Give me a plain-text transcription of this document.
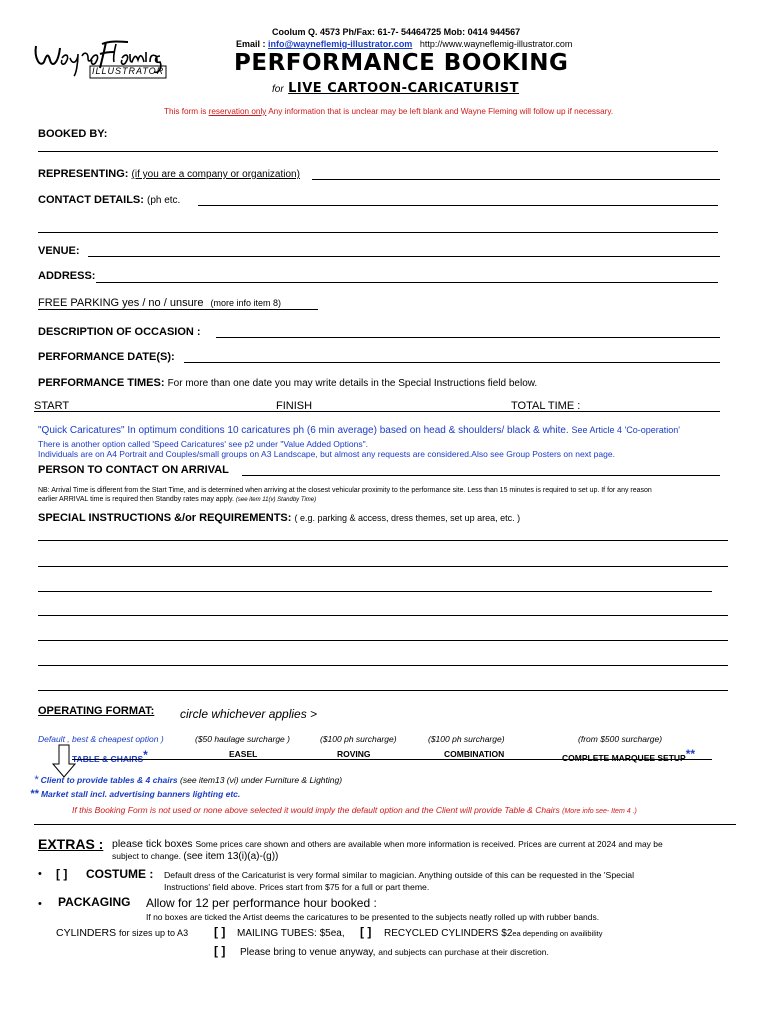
Coolum Q. 4573 Ph/Fax: 61-7- 54464725 Mob: 0414 944567
Email : info@wayneflemig-illustrator.com http://www.wayneflemig-illustrator.com
ILLUSTRATOR	PERFORMANCE BOOKING
for LIVE CARTOON-CARICATURIST
This form is reservation only Any information that is unclear may be left blank and Wayne Fleming will follow up if necessary.
BOOKED BY:
REPRESENTING: (if you are a company or organization)
CONTACT DETAILS: (ph etc.
VENUE:
ADDRESS:
FREE PARKING yes / no / unsure (more info item 8)
DESCRIPTION OF OCCASION :
PERFORMANCE DATE(S):
PERFORMANCE TIMES: For more than one date you may write details in the Special Instructions field below.
START	FINISH	TOTAL TIME :
"Quick Caricatures" In optimum conditions 10 caricatures ph (6 min average) based on head & shoulders/ black & white. See Article 4 'Co-operation'
There is another option called 'Speed Caricatures' see p2 under "Value Added Options".
Individuals are on A4 Portrait and Couples/small groups on A3 Landscape, but almost any requests are considered.Also see Group Posters on next page.
PERSON TO CONTACT ON ARRIVAL
NB: Arrival Time is different from the Start Time, and is determined when arriving at the closest vehicular proximity to the performance site. Less than 15 minutes is required to set up. If for any reason
earlier ARRIVAL time is required then Standby rates may apply. (see item 11(v) Standby Time)
SPECIAL INSTRUCTIONS &/or REQUIREMENTS: ( e.g. parking & access, dress themes, set up area, etc. )
OPERATING FORMAT: circle whichever applies >
Default , best & cheapest option )	($50 haulage surcharge )	($100 ph surcharge)	($100 ph surcharge)	(from $500 surcharge)
TABLE & CHAIRS*	EASEL	ROVING	COMBINATION	COMPLETE MARQUEE SETUP**
* Client to provide tables & 4 chairs (see item13 (vi) under Furniture & Lighting)
** Market stall incl. advertising banners lighting etc.
If this Booking Form is not used or none above selected it would imply the default option and the Client will provide Table & Chairs (More info see- Item 4 .)
EXTRAS : please tick boxes Some prices care shown and others are available when more information is received. Prices are current at 2024 and may be
subject to change. (see item 13(i)(a)-(g))
• [ ] COSTUME : Default dress of the Caricaturist is very formal similar to magician. Anything outside of this can be requested in the 'Special
Instructions' field above. Prices start from $75 for a full or part theme.
• PACKAGING Allow for 12 per performance hour booked :
If no boxes are ticked the Artist deems the caricatures to be presented to the subjects neatly rolled up with rubber bands.
CYLINDERS for sizes up to A3 [ ] MAILING TUBES: $5ea, [ ] RECYCLED CYLINDERS $2ea depending on availibility
[ ] Please bring to venue anyway, and subjects can purchase at their discretion.
